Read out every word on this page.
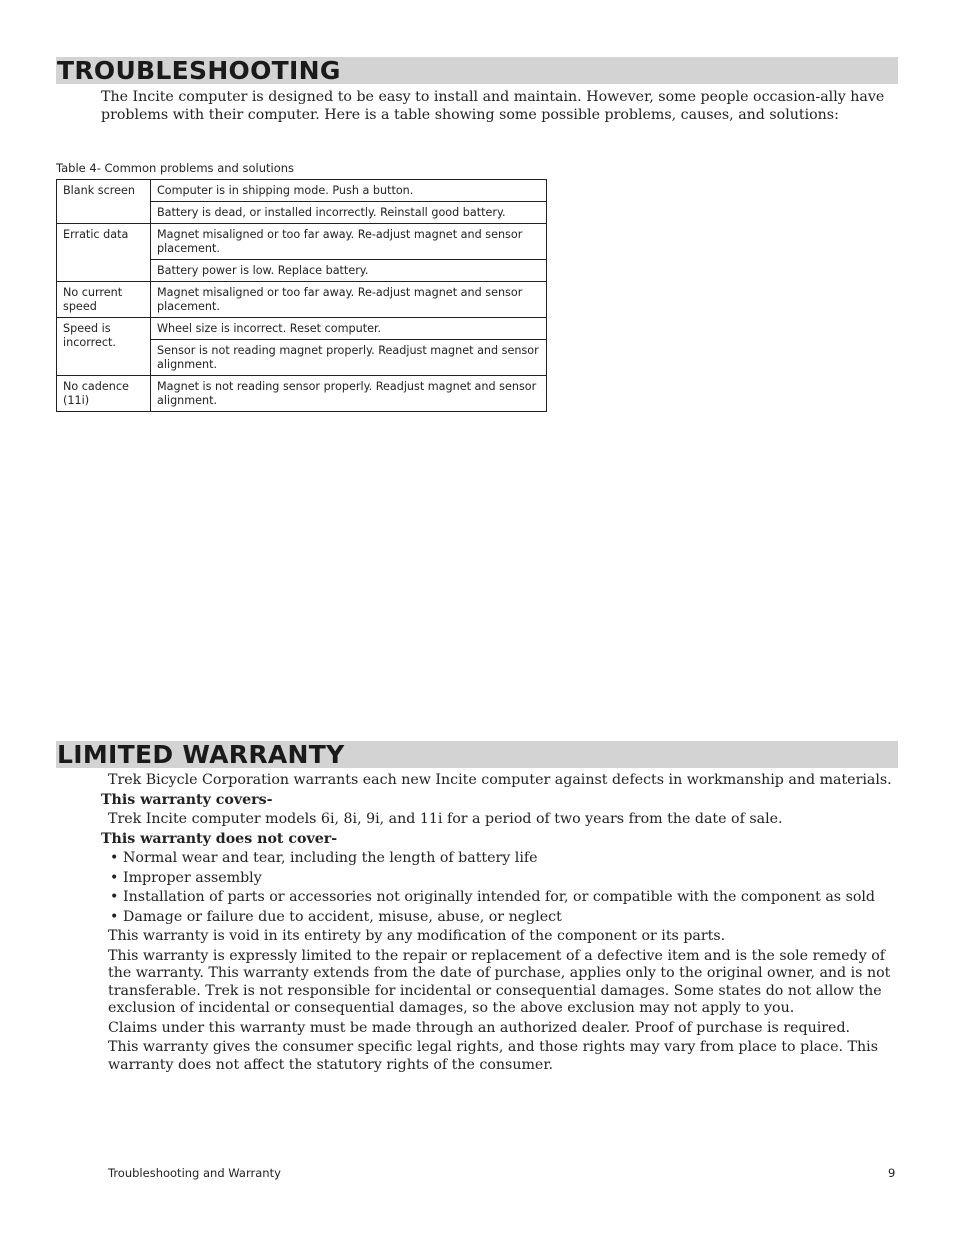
TROUBLESHOOTING

The Incite computer is designed to be easy to install and maintain. However, some people occasion-ally have problems with their computer. Here is a table showing some possible problems, causes, and solutions:

Table 4- Common problems and solutions

Blank screen	Computer is in shipping mode. Push a button.
	Battery is dead, or installed incorrectly. Reinstall good battery.
Erratic data	Magnet misaligned or too far away. Re-adjust magnet and sensor placement.
	Battery power is low. Replace battery.
No current speed	Magnet misaligned or too far away. Re-adjust magnet and sensor placement.
Speed is incorrect.	Wheel size is incorrect. Reset computer.
	Sensor is not reading magnet properly. Readjust magnet and sensor alignment.
No cadence (11i)	Magnet is not reading sensor properly. Readjust magnet and sensor alignment.
LIMITED WARRANTY

Trek Bicycle Corporation warrants each new Incite computer against defects in workmanship and materials.

This warranty covers-

Trek Incite computer models 6i, 8i, 9i, and 11i for a period of two years from the date of sale.

This warranty does not cover-

• Normal wear and tear, including the length of battery life
• Improper assembly
• Installation of parts or accessories not originally intended for, or compatible with the component as sold
• Damage or failure due to accident, misuse, abuse, or neglect

This warranty is void in its entirety by any modification of the component or its parts.

This warranty is expressly limited to the repair or replacement of a defective item and is the sole remedy of the warranty. This warranty extends from the date of purchase, applies only to the original owner, and is not transferable. Trek is not responsible for incidental or consequential damages. Some states do not allow the exclusion of incidental or consequential damages, so the above exclusion may not apply to you.

Claims under this warranty must be made through an authorized dealer. Proof of purchase is required.

This warranty gives the consumer specific legal rights, and those rights may vary from place to place. This warranty does not affect the statutory rights of the consumer.

Troubleshooting and Warranty	9
